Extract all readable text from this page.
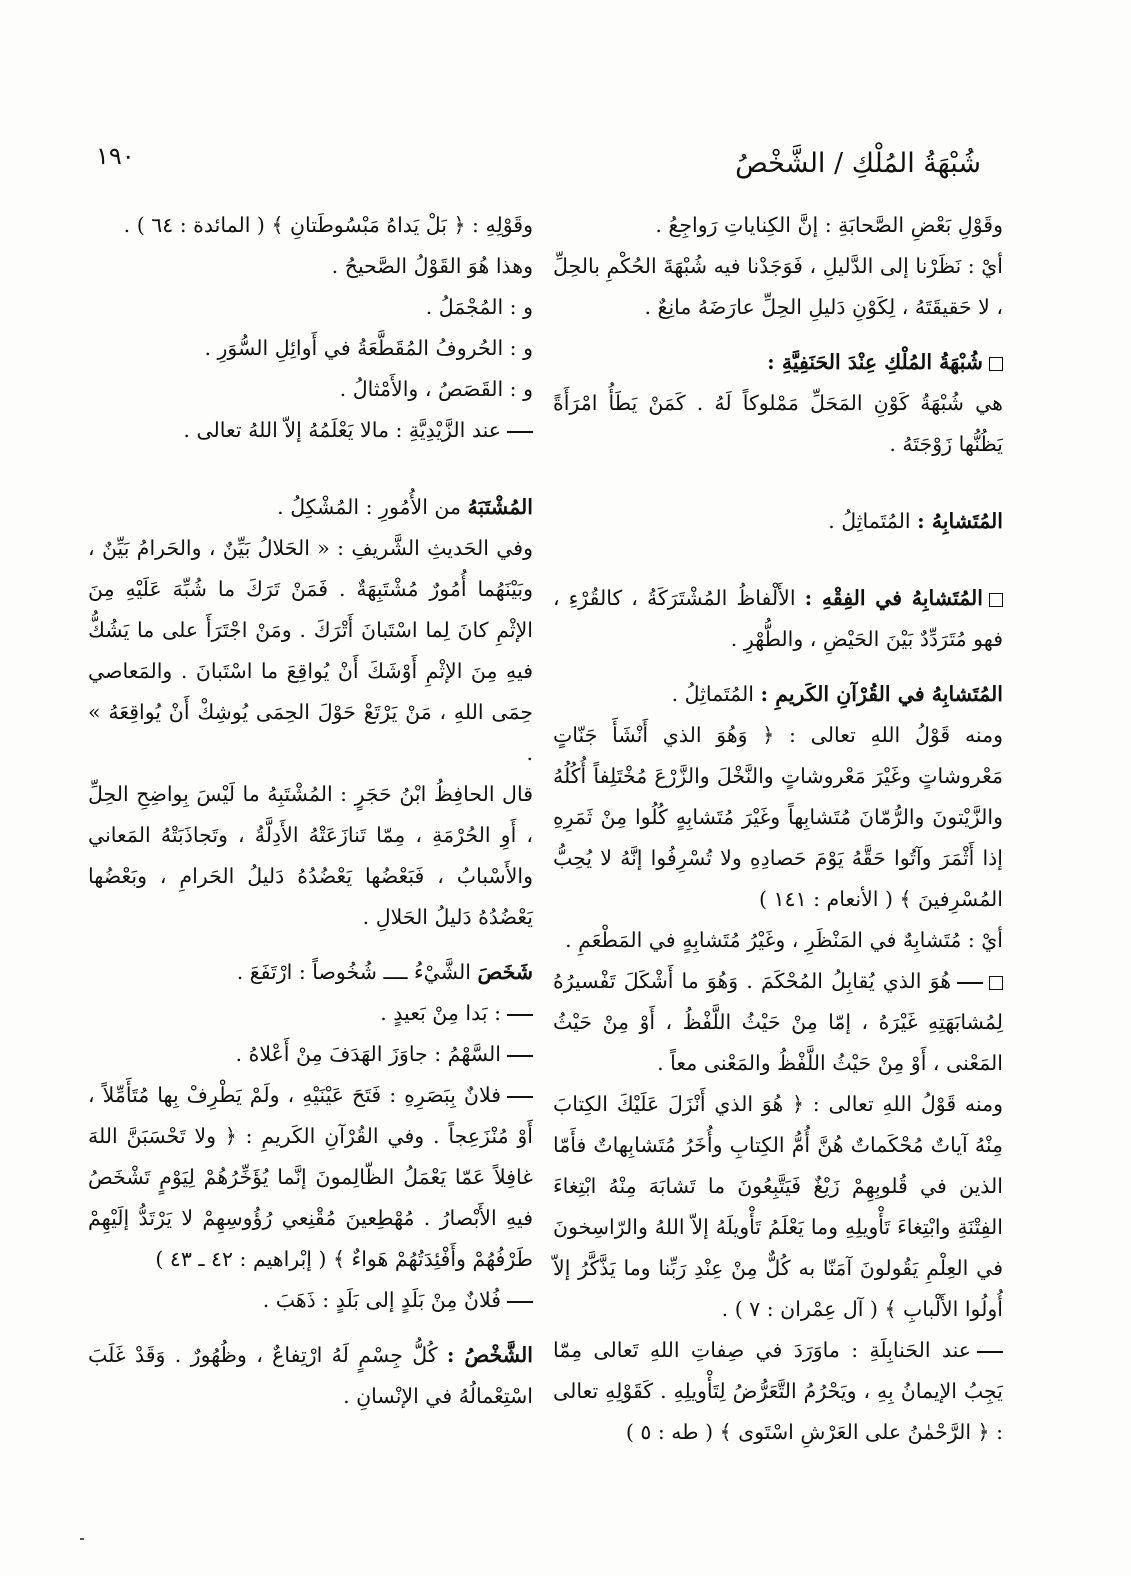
شُبْهَةُ المُلْكِ / الشَّخْصُ
١٩٠

وقَوْلِ بَعْضِ الصَّحابَةِ : إنَّ الكِناياتِ رَواجِعُ .

أيْ : نَظَرْنا إلى الدَّليلِ ، فَوَجَدْنا فيه شُبْهَةَ الحُكْمِ بالحِلِّ ، لا حَقيقَتَهُ ، لِكَوْنِ دَليلِ الحِلِّ عارَضَهُ مانِعٌ .

شُبْهَةُ المُلْكِ عِنْدَ الحَنَفِيَّةِ :

هي شُبْهَةُ كَوْنِ المَحَلِّ مَمْلوكاً لَهُ . كَمَنْ يَطَأُ امْرَأَةً يَظُنُّها زَوْجَتَهُ .

المُتَشابِهُ : المُتَماثِلُ .

المُتَشابِهُ في الفِقْهِ : الأَلْفاظُ المُشْتَرَكَةُ ، كالقُرْءِ ، فهو مُتَرَدِّدٌ بَيْنَ الحَيْضِ ، والطُّهْرِ .

المُتَشابِهُ في القُرْآنِ الكَريمِ : المُتَماثِلُ .

ومنه قَوْلُ اللهِ تعالى : ﴿ وَهُوَ الذي أَنْشَأَ جَنّاتٍ مَعْروشاتٍ وغَيْرَ مَعْروشاتٍ والنَّخْلَ والزَّرْعَ مُخْتَلِفاً أُكُلُهُ والزَّيْتونَ والرُّمّانَ مُتَشابِهاً وغَيْرَ مُتَشابِهٍ كُلُوا مِنْ ثَمَرِهِ إذا أَثْمَرَ وآتُوا حَقَّهُ يَوْمَ حَصادِهِ ولا تُسْرِفُوا إنَّهُ لا يُحِبُّ المُسْرِفينَ ﴾ ( الأنعام : ١٤١ )

أيْ : مُتَشابِهٌ في المَنْظَرِ ، وغَيْرُ مُتَشابِهٍ في المَطْعَمِ .

هُوَ الذي يُقابِلُ المُحْكَمَ . وَهُوَ ما أَشْكَلَ تَفْسيرُهُ لِمُشابَهَتِهِ غَيْرَهُ ، إمّا مِنْ حَيْثُ اللَّفْظُ ، أَوْ مِنْ حَيْثُ المَعْنى ، أَوْ مِنْ حَيْثُ اللَّفْظُ والمَعْنى معاً .

ومنه قَوْلُ اللهِ تعالى : ﴿ هُوَ الذي أَنْزَلَ عَلَيْكَ الكِتابَ مِنْهُ آياتٌ مُحْكَماتٌ هُنَّ أُمُّ الكِتابِ وأُخَرُ مُتَشابِهاتٌ فأَمّا الذين في قُلوبِهِمْ زَيْغٌ فَيَتَّبِعُونَ ما تَشابَهَ مِنْهُ ابْتِغاءَ الفِتْنَةِ وابْتِغاءَ تَأْويلِهِ وما يَعْلَمُ تَأْويلَهُ إلاّ اللهُ والرّاسِخونَ في العِلْمِ يَقُولونَ آمَنّا به كُلٌّ مِنْ عِنْدِ رَبِّنا وما يَذَّكَّرُ إلاّ أُولُوا الأَلْبابِ ﴾ ( آل عِمْران : ٧ ) .

عند الحَنابِلَةِ : ماوَرَدَ في صِفاتِ اللهِ تَعالى مِمّا يَجِبُ الإيمانُ بِهِ ، ويَحْرُمُ التَّعَرُّضُ لِتَأْويلِهِ . كَقَوْلِهِ تعالى : ﴿ الرَّحْمٰنُ على العَرْشِ اسْتَوى ﴾ ( طه : ٥ )

وقَوْلِهِ : ﴿ بَلْ يَداهُ مَبْسُوطَتانِ ﴾ ( المائدة : ٦٤ ) .

وهذا هُوَ القَوْلُ الصَّحيحُ .

و : المُجْمَلُ .

و : الحُروفُ المُقَطَّعَةُ في أَوائِلِ السُّوَرِ .

و : القَصَصُ ، والأَمْثالُ .

عند الزَّيْدِيَّةِ : مالا يَعْلَمُهُ إلاّ اللهُ تعالى .

المُشْتَبَهُ من الأُمُورِ : المُشْكِلُ .

وفي الحَديثِ الشَّريفِ : « الحَلالُ بَيِّنٌ ، والحَرامُ بَيِّنٌ ، وبَيْنَهُما أُمُورٌ مُشْتَبِهَةٌ . فَمَنْ تَرَكَ ما شُبِّهَ عَلَيْهِ مِنَ الإثْمِ كانَ لِما اسْتَبانَ أَتْرَكَ . ومَنْ اجْتَرَأَ على ما يَشُكُّ فيهِ مِنَ الإثْمِ أَوْشَكَ أَنْ يُواقِعَ ما اسْتَبانَ . والمَعاصي حِمَى اللهِ ، مَنْ يَرْتَعْ حَوْلَ الحِمَى يُوشِكْ أَنْ يُواقِعَهُ » .

قال الحافِظُ ابْنُ حَجَرٍ : المُشْتَبِهُ ما لَيْسَ بِواضِحِ الحِلِّ ، أَوِ الحُرْمَةِ ، مِمّا تَنازَعَتْهُ الأَدِلَّةُ ، وتَجاذَبَتْهُ المَعاني والأَسْبابُ ، فَبَعْضُها يَعْضُدُهُ دَليلُ الحَرامِ ، وبَعْضُها يَعْضُدُهُ دَليلُ الحَلالِ .

شَخَصَ الشَّيْءُ ــــ شُخُوصاً : ارْتَفَعَ .

: بَدا مِنْ بَعيدٍ .

السَّهْمُ : جاوَزَ الهَدَفَ مِنْ أَعْلاهُ .

فلانٌ بِبَصَرِهِ : فَتَحَ عَيْنَيْهِ ، ولَمْ يَطْرِفْ بِها مُتَأَمِّلاً ، أَوْ مُنْزَعِجاً . وفي القُرْآنِ الكَريمِ : ﴿ ولا تَحْسَبَنَّ اللهَ غافِلاً عَمّا يَعْمَلُ الظّالِمونَ إنَّما يُؤَخِّرُهُمْ لِيَوْمٍ تَشْخَصُ فيهِ الأَبْصارُ . مُهْطِعينَ مُقْنِعي رُؤُوسِهِمْ لا يَرْتَدُّ إلَيْهِمْ طَرْفُهُمْ وأَفْئِدَتُهُمْ هَواءٌ ﴾ ( إبْراهيم : ٤٢ ـ ٤٣ )

فُلانٌ مِنْ بَلَدٍ إلى بَلَدٍ : ذَهَبَ .

الشَّخْصُ : كُلُّ جِسْمٍ لَهُ ارْتِفاعٌ ، وظُهُورٌ . وَقَدْ غَلَبَ اسْتِعْمالُهُ في الإنْسانِ .
